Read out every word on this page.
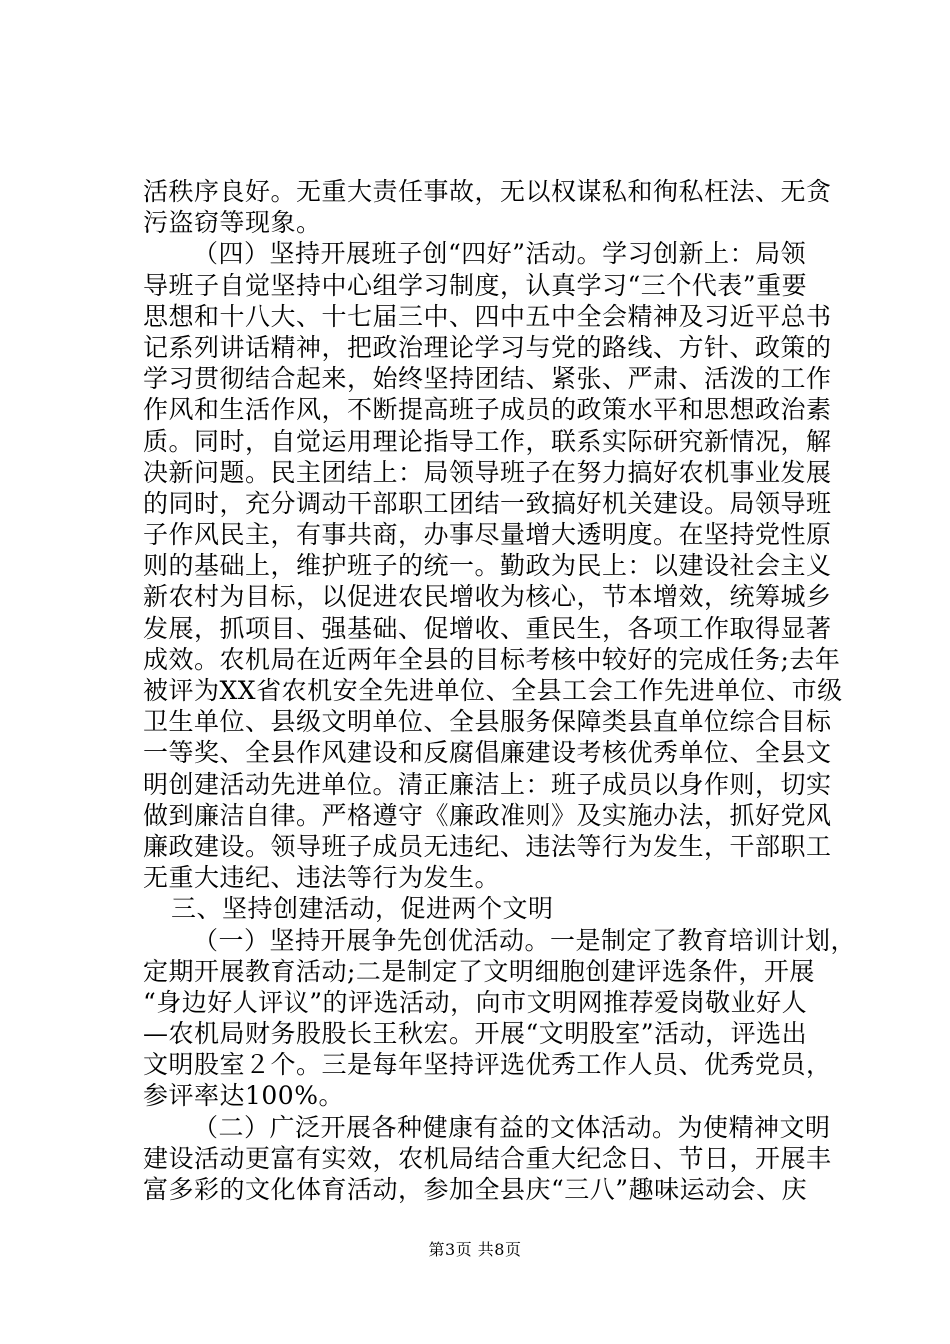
活秩序良好。无重大责任事故，无以权谋私和徇私枉法、无贪
污盗窃等现象。
（四）坚持开展班子创“四好”活动。学习创新上：局领
导班子自觉坚持中心组学习制度，认真学习“三个代表”重要
思想和十八大、十七届三中、四中五中全会精神及习近平总书
记系列讲话精神，把政治理论学习与党的路线、方针、政策的
学习贯彻结合起来，始终坚持团结、紧张、严肃、活泼的工作
作风和生活作风，不断提高班子成员的政策水平和思想政治素
质。同时，自觉运用理论指导工作，联系实际研究新情况，解
决新问题。民主团结上：局领导班子在努力搞好农机事业发展
的同时，充分调动干部职工团结一致搞好机关建设。局领导班
子作风民主，有事共商，办事尽量增大透明度。在坚持党性原
则的基础上，维护班子的统一。勤政为民上：以建设社会主义
新农村为目标，以促进农民增收为核心，节本增效，统筹城乡
发展，抓项目、强基础、促增收、重民生，各项工作取得显著
成效。农机局在近两年全县的目标考核中较好的完成任务;去年
被评为XX省农机安全先进单位、全县工会工作先进单位、市级
卫生单位、县级文明单位、全县服务保障类县直单位综合目标
一等奖、全县作风建设和反腐倡廉建设考核优秀单位、全县文
明创建活动先进单位。清正廉洁上：班子成员以身作则，切实
做到廉洁自律。严格遵守《廉政准则》及实施办法，抓好党风
廉政建设。领导班子成员无违纪、违法等行为发生，干部职工
无重大违纪、违法等行为发生。
三、坚持创建活动，促进两个文明
（一）坚持开展争先创优活动。一是制定了教育培训计划，
定期开展教育活动;二是制定了文明细胞创建评选条件，开展
“身边好人评议”的评选活动，向市文明网推荐爱岗敬业好人
—农机局财务股股长王秋宏。开展“文明股室”活动，评选出
文明股室２个。三是每年坚持评选优秀工作人员、优秀党员，
参评率达100%。
（二）广泛开展各种健康有益的文体活动。为使精神文明
建设活动更富有实效，农机局结合重大纪念日、节日，开展丰
富多彩的文化体育活动，参加全县庆“三八”趣味运动会、庆
第3页 共8页
